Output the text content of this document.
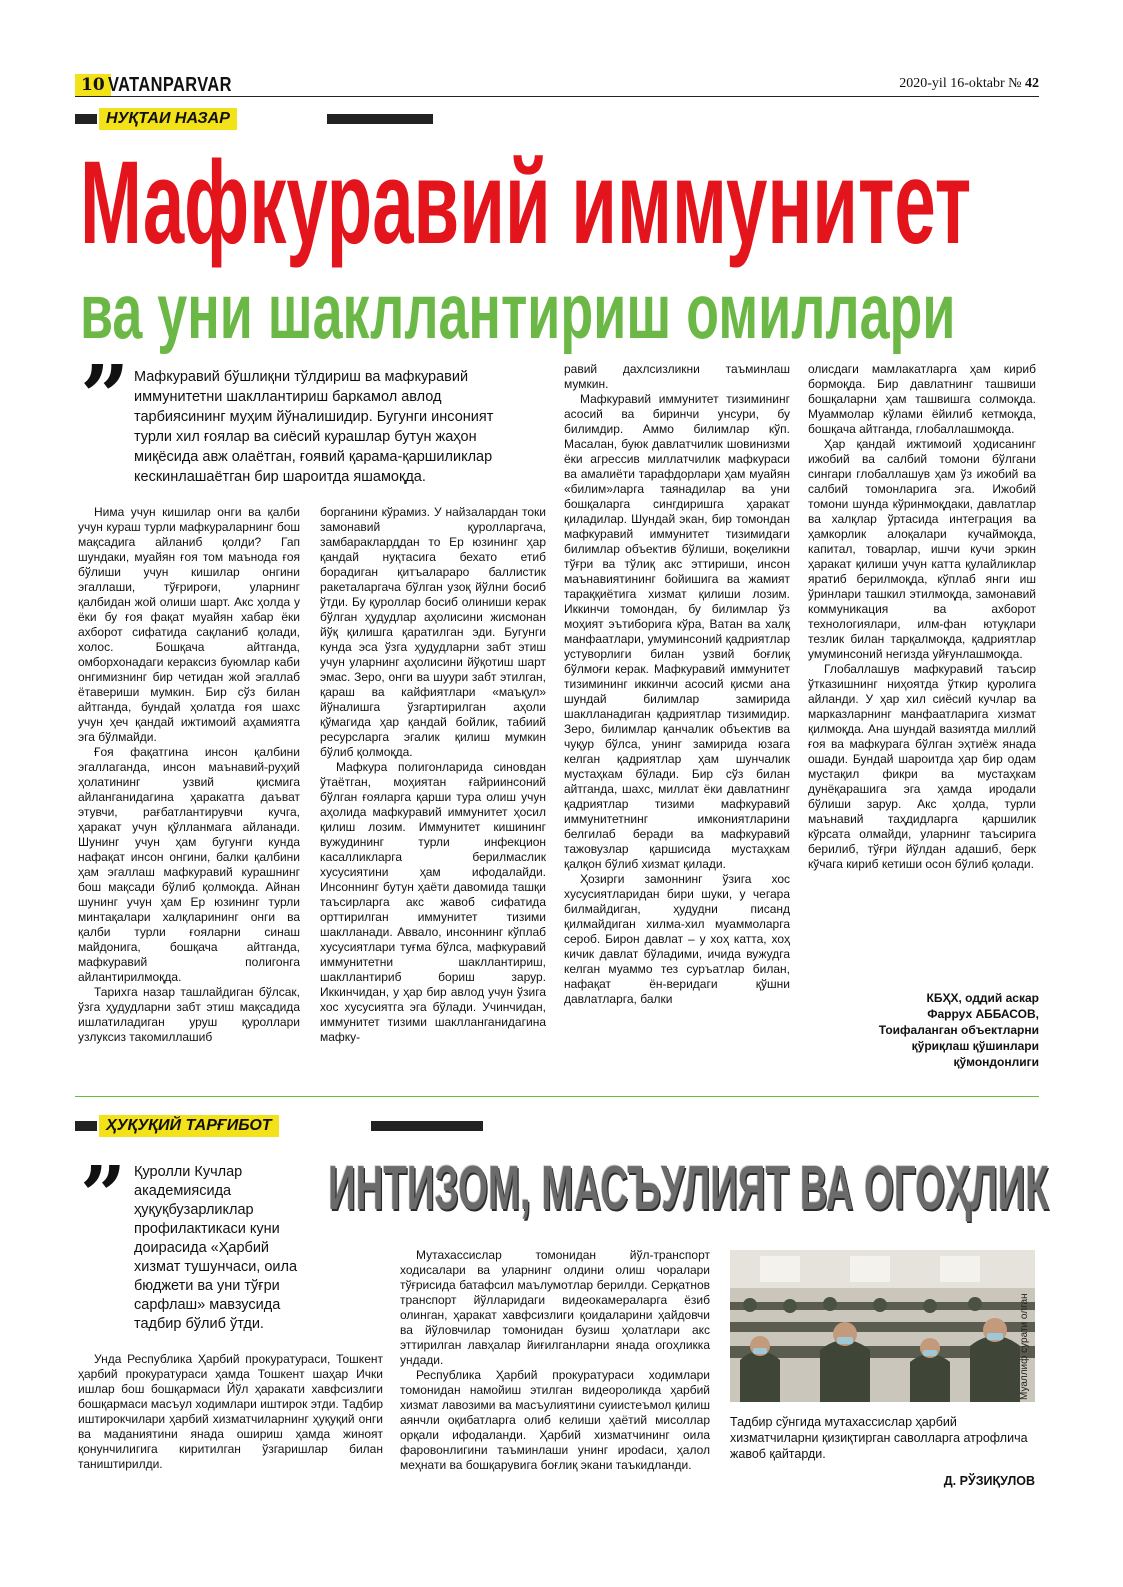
10 VATANPARVAR	2020-yil 16-oktabr № 42
НУҚТАИ НАЗАР
Мафкуравий иммунитет
ва уни шакллантириш омиллари
” Мафкуравий бўшлиқни тўлдириш ва мафкуравий иммунитетни шакллантириш баркамол авлод тарбиясининг муҳим йўналишидир. Бугунги инсоният турли хил ғоялар ва сиёсий курашлар бутун жаҳон миқёсида авж олаётган, ғоявий қарама-қаршиликлар кескинлашаётган бир шароитда яшамоқда.

Нима учун кишилар онги ва қалби учун кураш турли мафкураларнинг бош мақсадига айланиб қолди? Гап шундаки, муайян ғоя том маънода ғоя бўлиши учун кишилар онгини эгаллаши, тўғрироғи, уларнинг қалбидан жой олиши шарт. Акс ҳолда у ёки бу ғоя фақат муайян хабар ёки ахборот сифатида сақланиб қолади, холос. Бошқача айтганда, омборхонадаги кераксиз буюмлар каби онгимизнинг бир четидан жой эгаллаб ётавериши мумкин. Бир сўз билан айтганда, бундай ҳолатда ғоя шахс учун ҳеч қандай ижтимоий аҳамиятга эга бўлмайди.

Ғоя фақатгина инсон қалбини эгаллаганда, инсон маънавий-руҳий ҳолатининг узвий қисмига айланганидагина ҳаракатга даъват этувчи, рағбатлантирувчи кучга, ҳаракат учун қўлланмага айланади. Шунинг учун ҳам бугунги кунда нафақат инсон онгини, балки қалбини ҳам эгаллаш мафкуравий курашнинг бош мақсади бўлиб қолмоқда. Айнан шунинг учун ҳам Ер юзининг турли минтақалари халқларининг онги ва қалби турли ғояларни синаш майдонига, бошқача айтганда, мафкуравий полигонга айлантирилмоқда.

Тарихга назар ташлайдиган бўлсак, ўзга ҳудудларни забт этиш мақсадида ишлатиладиган уруш қуроллари узлуксиз такомиллашиб

борганини кўрамиз. У найзалардан токи замонавий қуролларгача, замбаракларддан то Ер юзининг ҳар қандай нуқтасига бехато етиб борадиган қитъалараро баллистик ракеталаргача бўлган узоқ йўлни босиб ўтди. Бу қуроллар босиб олиниши керак бўлган ҳудудлар аҳолисини жисмонан йўқ қилишга қаратилган эди. Бугунги кунда эса ўзга ҳудудларни забт этиш учун уларнинг аҳолисини йўқотиш шарт эмас. Зеро, онги ва шуури забт этилган, қараш ва кайфиятлари «маъқул» йўналишга ўзгартирилган аҳоли қўмагида ҳар қандай бойлик, табиий ресурсларга эгалик қилиш мумкин бўлиб қолмоқда.

Мафкура полигонларида синовдан ўтаётган, моҳиятан ғайриинсоний бўлган ғояларга қарши тура олиш учун аҳолида мафкуравий иммунитет ҳосил қилиш лозим. Иммунитет кишининг вужудининг турли инфекцион касалликларга берилмаслик хусусиятини ҳам ифодалайди. Инсоннинг бутун ҳаёти давомида ташқи таъсирларга акс жавоб сифатида орттирилган иммунитет тизими шаклланади. Аввало, инсоннинг кўплаб хусусиятлари туғма бўлса, мафкуравий иммунитетни шакллантириш, шакллантириб бориш зарур. Иккинчидан, у ҳар бир авлод учун ўзига хос хусусиятга эга бўлади. Учинчидан, иммунитет тизими шаклланганидагина мафку-

равий дахлсизликни таъминлаш мумкин.

Мафкуравий иммунитет тизимининг асосий ва биринчи унсури, бу билимдир. Аммо билимлар кўп. Масалан, буюк давлатчилик шовинизми ёки агрессив миллатчилик мафкураси ва амалиёти тарафдорлари ҳам муайян «билим»ларга таянадилар ва уни бошқаларга сингдиришга ҳаракат қиладилар. Шундай экан, бир томондан мафкуравий иммунитет тизимидаги билимлар объектив бўлиши, воқеликни тўғри ва тўлиқ акс эттириши, инсон маънавиятининг бойишига ва жамият тараққиётига хизмат қилиши лозим. Иккинчи томондан, бу билимлар ўз моҳият эътиборига кўра, Ватан ва халқ манфаатлари, умуминсоний қадриятлар устуворлиги билан узвий боғлиқ бўлмоғи керак. Мафкуравий иммунитет тизимининг иккинчи асосий қисми ана шундай билимлар замирида шаклланадиган қадриятлар тизимидир. Зеро, билимлар қанчалик объектив ва чуқур бўлса, унинг замирида юзага келган қадриятлар ҳам шунчалик мустаҳкам бўлади. Бир сўз билан айтганда, шахс, миллат ёки давлатнинг қадриятлар тизими мафкуравий иммунитетнинг имкониятларини белгилаб беради ва мафкуравий тажовузлар қаршисида мустаҳкам қалқон бўлиб хизмат қилади.

Ҳозирги замоннинг ўзига хос хусусиятларидан бири шуки, у чегара билмайдиган, ҳудудни писанд қилмайдиган хилма-хил муаммоларга сероб. Бирон давлат – у хоҳ катта, хоҳ кичик давлат бўладими, ичида вужудга келган муаммо тез суръатлар билан, нафақат ён-веридаги қўшни давлатларга, балки

олисдаги мамлакатларга ҳам кириб бормоқда. Бир давлатнинг ташвиши бошқаларни ҳам ташвишга солмоқда. Муаммолар кўлами ёйилиб кетмоқда, бошқача айтганда, глобаллашмоқда.

Ҳар қандай ижтимоий ҳодисанинг ижобий ва салбий томони бўлгани сингари глобаллашув ҳам ўз ижобий ва салбий томонларига эга. Ижобий томони шунда кўринмоқдаки, давлатлар ва халқлар ўртасида интеграция ва ҳамкорлик алоқалари кучаймоқда, капитал, товарлар, ишчи кучи эркин ҳаракат қилиши учун катта қулайликлар яратиб берилмоқда, кўплаб янги иш ўринлари ташкил этилмоқда, замонавий коммуникация ва ахборот технологиялари, илм-фан ютуқлари тезлик билан тарқалмоқда, қадриятлар умуминсоний негизда уйғунлашмоқда.

Глобаллашув мафкуравий таъсир ўтказишнинг ниҳоятда ўткир қуролига айланди. У ҳар хил сиёсий кучлар ва марказларнинг манфаатларига хизмат қилмоқда. Ана шундай вазиятда миллий ғоя ва мафкурага бўлган эҳтиёж янада ошади. Бундай шароитда ҳар бир одам мустақил фикри ва мустаҳкам дунёқарашига эга ҳамда иродали бўлиши зарур. Акс ҳолда, турли маънавий таҳдидларга қаршилик кўрсата олмайди, уларнинг таъсирига берилиб, тўғри йўлдан адашиб, берк кўчага кириб кетиши осон бўлиб қолади.

КБҲХ, оддий аскар
Фаррух АББАСОВ,
Тоифаланган объектларни
қўриқлаш қўшинлари
қўмондонлиги
ҲУҚУҚИЙ ТАРҒИБОТ
” Қуролли Кучлар академиясида ҳуқуқбузарликлар профилактикаси куни доирасида «Ҳарбий хизмат тушунчаси, оила бюджети ва уни тўғри сарфлаш» мавзусида тадбир бўлиб ўтди.
ИНТИЗОМ, МАСЪУЛИЯТ ВА ОГОҲЛИК

Унда Республика Ҳарбий прокуратураси, Тошкент ҳарбий прокуратураси ҳамда Тошкент шаҳар Ички ишлар бош бошқармаси Йўл ҳаракати хавфсизлиги бошқармаси масъул ходимлари иштирок этди. Тадбир иштирокчилари ҳарбий хизматчиларнинг ҳуқуқий онги ва маданиятини янада ошириш ҳамда жиноят қонунчилигига киритилган ўзгаришлар билан таништирилди.

Мутахассислар томонидан йўл-транспорт ходисалари ва уларнинг олдини олиш чоралари тўғрисида батафсил маълумотлар берилди. Серқатнов транспорт йўлларидаги видеокамераларга ёзиб олинган, ҳаракат хавфсизлиги қоидаларини ҳайдовчи ва йўловчилар томонидан бузиш ҳолатлари акс эттирилган лавҳалар йиғилганларни янада огоҳликка ундади.

Республика Ҳарбий прокуратураси ходимлари томонидан намойиш этилган видеороликда ҳарбий хизмат лавозими ва масъулиятини суиистеъмол қилиш аянчли оқибатларга олиб келиши ҳаётий мисоллар орқали ифодаланди. Ҳарбий хизматчининг оила фаровонлигини таъминлаши унинг ироdaси, ҳалол меҳнати ва бошқарувига боғлиқ экани таъкидланди.

Муаллиф сурати олган
Тадбир сўнгида мутахассислар ҳарбий хизматчиларни қизиқтирган саволларга атрофлича жавоб қайтарди.
Д. РЎЗИҚУЛОВ
